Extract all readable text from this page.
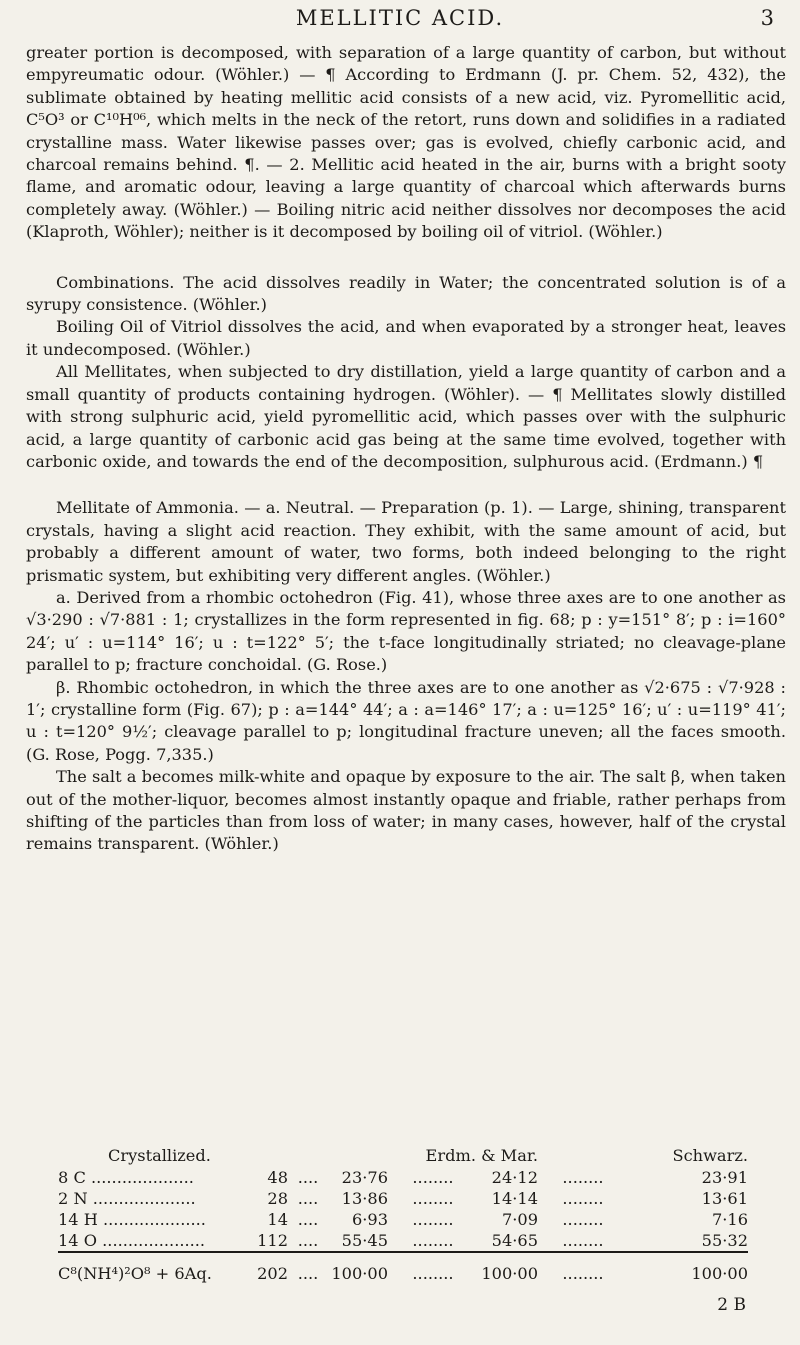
MELLITIC ACID.	3

greater portion is decomposed, with separation of a large quantity of carbon, but without empyreumatic odour. (Wöhler.) — ¶ According to Erdmann (J. pr. Chem. 52, 432), the sublimate obtained by heating mellitic acid consists of a new acid, viz. Pyromellitic acid, C⁵O³ or C¹⁰H⁰⁶, which melts in the neck of the retort, runs down and solidifies in a radiated crystalline mass. Water likewise passes over; gas is evolved, chiefly carbonic acid, and charcoal remains behind. ¶. — 2. Mellitic acid heated in the air, burns with a bright sooty flame, and aromatic odour, leaving a large quantity of charcoal which afterwards burns completely away. (Wöhler.) — Boiling nitric acid neither dissolves nor decomposes the acid (Klaproth, Wöhler); neither is it decomposed by boiling oil of vitriol. (Wöhler.)

Combinations. The acid dissolves readily in Water; the concentrated solution is of a syrupy consistence. (Wöhler.)

Boiling Oil of Vitriol dissolves the acid, and when evaporated by a stronger heat, leaves it undecomposed. (Wöhler.)

All Mellitates, when subjected to dry distillation, yield a large quantity of carbon and a small quantity of products containing hydrogen. (Wöhler). — ¶ Mellitates slowly distilled with strong sulphuric acid, yield pyromellitic acid, which passes over with the sulphuric acid, a large quantity of carbonic acid gas being at the same time evolved, together with carbonic oxide, and towards the end of the decomposition, sulphurous acid. (Erdmann.) ¶

Mellitate of Ammonia. — a. Neutral. — Preparation (p. 1). — Large, shining, transparent crystals, having a slight acid reaction. They exhibit, with the same amount of acid, but probably a different amount of water, two forms, both indeed belonging to the right prismatic system, but exhibiting very different angles. (Wöhler.)

a. Derived from a rhombic octohedron (Fig. 41), whose three axes are to one another as √3·290 : √7·881 : 1; crystallizes in the form represented in fig. 68; p : y=151° 8′; p : i=160° 24′; u′ : u=114° 16′; u : t=122° 5′; the t-face longitudinally striated; no cleavage-plane parallel to p; fracture conchoidal. (G. Rose.)

β. Rhombic octohedron, in which the three axes are to one another as √2·675 : √7·928 : 1′; crystalline form (Fig. 67); p : a=144° 44′; a : a=146° 17′; a : u=125° 16′; u′ : u=119° 41′; u : t=120° 9½′; cleavage parallel to p; longitudinal fracture uneven; all the faces smooth. (G. Rose, Pogg. 7,335.)

The salt a becomes milk-white and opaque by exposure to the air. The salt β, when taken out of the mother-liquor, becomes almost instantly opaque and friable, rather perhaps from shifting of the particles than from loss of water; in many cases, however, half of the crystal remains transparent. (Wöhler.)

Crystallized.			Erdm. & Mar.			Schwarz.	
8 C ....................	48	....	23·76	........	24·12	........	23·91
2 N ....................	28	....	13·86	........	14·14	........	13·61
14 H ....................	14	....	6·93	........	7·09	........	7·16
14 O ....................	112	....	55·45	........	54·65	........	55·32
C⁸(NH⁴)²O⁸ + 6Aq.	202	....	100·00	........	100·00	........	100·00
2 B
